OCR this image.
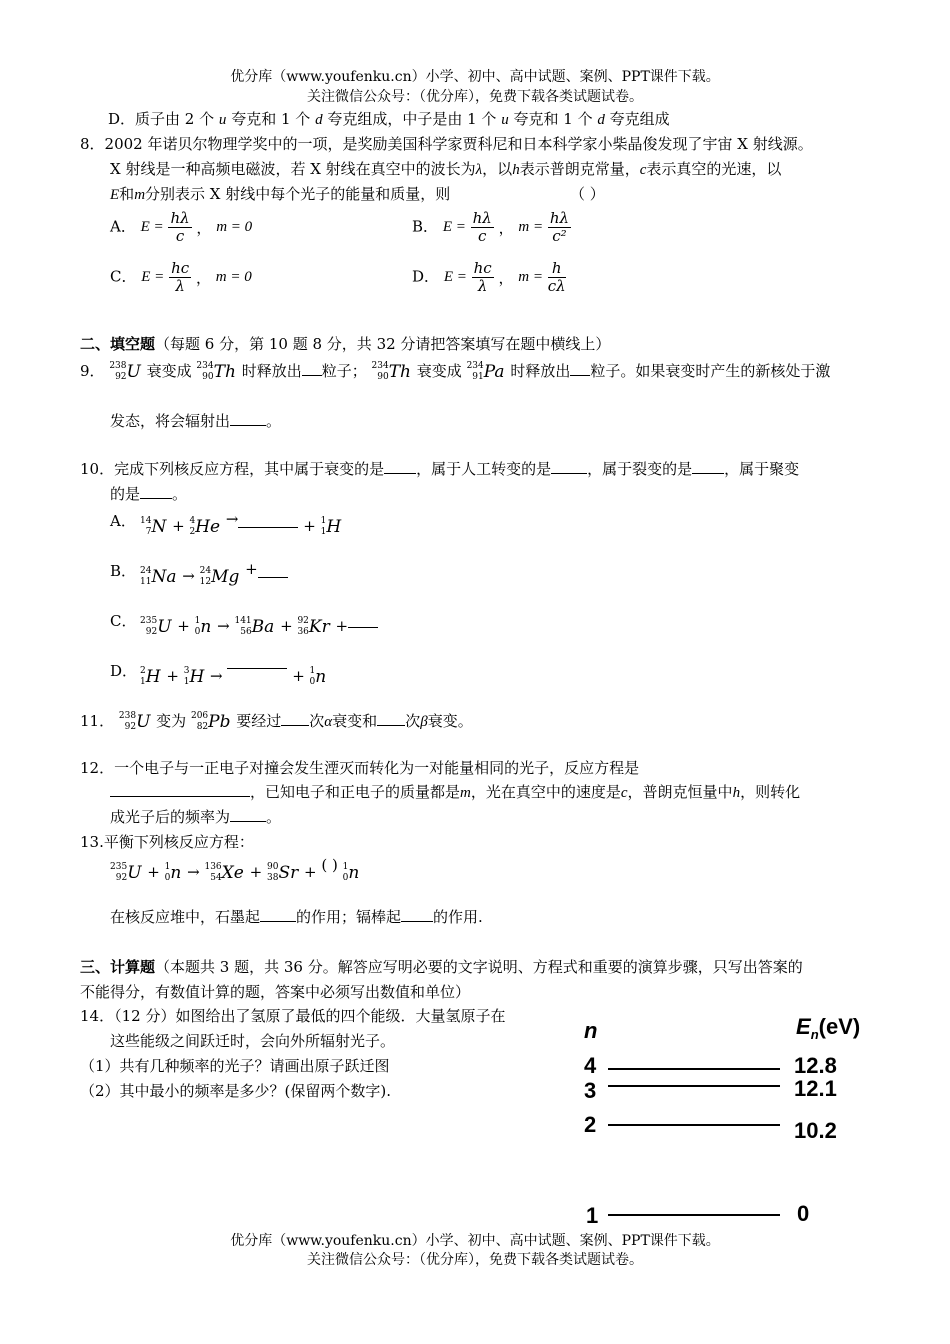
优分库（www.youfenku.cn）小学、初中、高中试题、案例、PPT课件下载。
关注微信公众号：（优分库），免费下载各类试题试卷。
D．质子由 2 个 u 夸克和 1 个 d 夸克组成，中子是由 1 个 u 夸克和 1 个 d 夸克组成
8．2002 年诺贝尔物理学奖中的一项，是奖励美国科学家贾科尼和日本科学家小柴晶俊发现了宇宙 X 射线源。
X 射线是一种高频电磁波，若 X 射线在真空中的波长为λ，以h表示普朗克常量，c表示真空的光速，以
E和m分别表示 X 射线中每个光子的能量和质量，则	（ ）
A． $E = \frac{h\lambda}{c}$ ， m = 0	B． $E = \frac{h\lambda}{c}$ ， $m = \frac{h\lambda}{\text{c²}}$
C． $E = \frac{hc}{\lambda}$ ， m = 0	D． $E = \frac{hc}{\lambda}$ ， $m = \frac{h}{c\lambda}$
二、填空题（每题 6 分，第 10 题 8 分，共 32 分请把答案填写在题中横线上）
9． 238
92U 衰变成 234
90Th 时释放出 粒子； 234
90Th 衰变成 234
91Pa 时释放出 粒子。如果衰变时产生的新核处于激
发态，将会辐射出 。
10．完成下列核反应方程，其中属于衰变的是 ，属于人工转变的是 ，属于裂变的是 ，属于聚变
的是 。
A． 14
7N + 4
2He →	+ 1
1H
B． 24
11Na → 24
12Mg +
C． 235
92U + 1
0n → 141
56Ba + 92
36Kr +
D． 2
1H + 3
1H →	+ 1
0n
11． 238
92U 变为 206
82Pb 要经过 次α衰变和 次β衰变。
12．一个电子与一正电子对撞会发生湮灭而转化为一对能量相同的光子，反应方程是
，已知电子和正电子的质量都是m，光在真空中的速度是c，普朗克恒量中h，则转化
成光子后的频率为 。
13.平衡下列核反应方程：
235
92U + 1
0n → 136
54Xe + 90
38Sr + ( ) 1
0n
在核反应堆中，石墨起 的作用；镉棒起 的作用.
三、计算题（本题共 3 题，共 36 分。解答应写明必要的文字说明、方程式和重要的演算步骤，只写出答案的
不能得分，有数值计算的题，答案中必须写出数值和单位）
14．（12 分）如图给出了氢原了最低的四个能级．大量氢原子在
这些能级之间跃迁时，会向外所辐射光子。
（1）共有几种频率的光子？请画出原子跃迁图
（2）其中最小的频率是多少？(保留两个数字).
n	$E_n(eV)$
4	12.8
3	12.1
2	10.2
1	0
优分库（www.youfenku.cn）小学、初中、高中试题、案例、PPT课件下载。
关注微信公众号：（优分库），免费下载各类试题试卷。
